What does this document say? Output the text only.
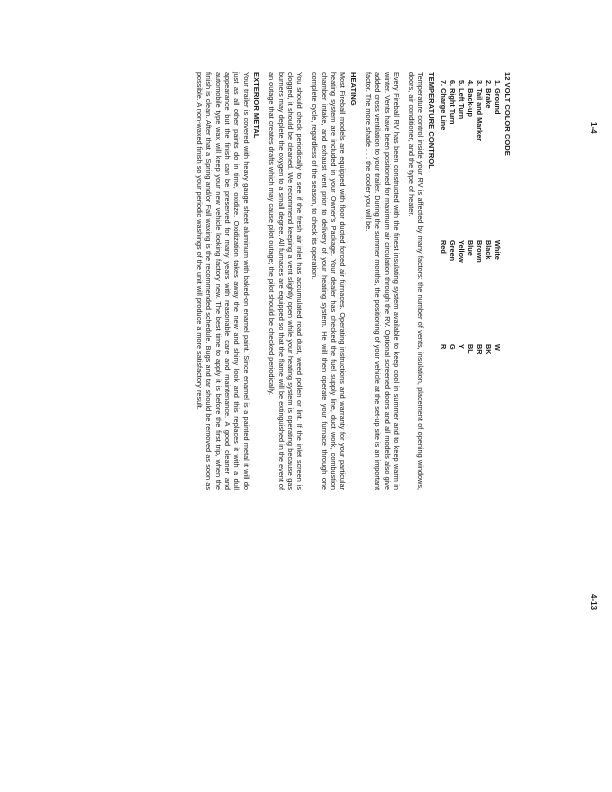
1-4
4-13
12 VOLT COLOR CODE
1. Ground	White	W
2. Brake	Black	BK
3. Tail and Marker	Brown	BR
4. Back-up	Blue	BL
5. Left Turn	Yellow	Y
6. Right Turn	Green	G
7. Charge Line	Red	R
TEMPERATURE CONTROL

Temperature control inside your RV is affected by many factors: the number of vents, insulation, placement of opening windows, doors, air conditioner, and the type of heater.

Every Fireball RV has been constructed with the finest insulating system available to keep cool in summer and to keep warm in winter. Vents have been positioned for maximum air circulation through the RV. Optional screened doors and all models also give added cross ventilation to your trailer. During the summer months, the positioning of your vehicle at the set-up site is an important factor. The more shade . . . the cooler you will be.

HEATING

Most Fireball models are equipped with floor ducted forced air furnaces. Operating instructions and warranty for your particular heating system are included in your Owner's Package. Your dealer has checked the fuel supply line, duct work, combustion chamber intake, and exhaust vent prior to delivery of your heating system. He will then operate your furnace through one complete cycle, regardless of the season, to check its operation.

You should check periodically to see if the fresh air inlet has accumulated road dust, weed pollen or lint. If the inlet screen is clogged, it should be cleaned. We recommend keeping a vent slightly open while your heating system is operating because gas burners may deplete the oxygen to a small degree. All furnaces are equipped so that the flame will be extinguished in the event of an outage that creates drafts which may cause pilot outage; the pilot should be checked periodically.

EXTERIOR METAL

Your trailer is covered with heavy gauge sheet aluminum with baked-on enamel paint. Since enamel is a painted metal it will do just as all other paints do in time, oxidize. Oxidization takes away the new and shiny look and this replaces it with a dull appearance but the finish can be preserved for many years with reasonable care and maintenance. A good cleaner and automobile type wax will keep your new vehicle looking factory new. The best time to apply it is before the first trip, when the finish is clean. After that a Spring and/or Fall waxing is the recommended schedule. Bugs and tar should be removed as soon as possible. A non-waxed finish so your periodic washings of the unit will produce a more satisfactory result.
